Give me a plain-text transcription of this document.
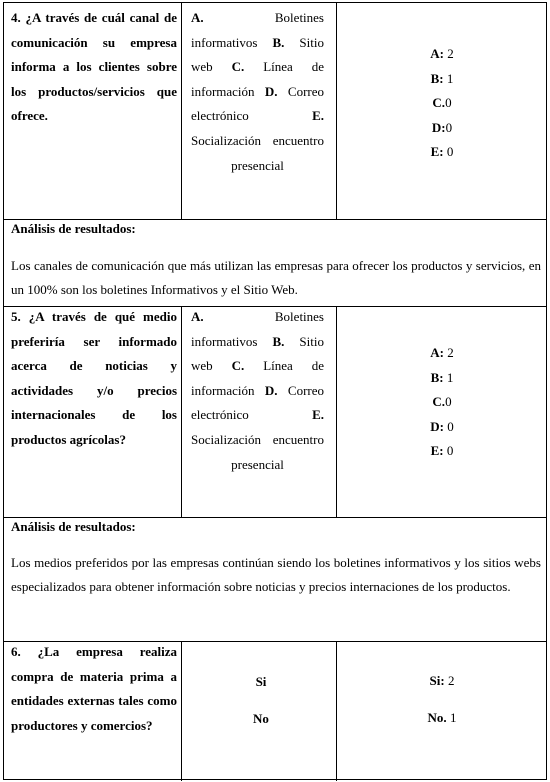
4. ¿A través de cuál canal de comunicación su empresa informa a los clientes sobre los productos/servicios que ofrece.
A. Boletines informativos B. Sitio web C. Línea de información D. Correo electrónico	E. Socialización encuentro presencial
A: 2
B: 1
C.0
D:0
E: 0
Análisis de resultados:
Los canales de comunicación que más utilizan las empresas para ofrecer los productos y servicios, en un 100% son los boletines Informativos y el Sitio Web.
5. ¿A través de qué medio preferiría ser informado acerca de noticias y actividades y/o precios internacionales de los productos agrícolas?
A. Boletines informativos B. Sitio web C. Línea de información D. Correo electrónico	E. Socialización encuentro presencial
A: 2
B: 1
C.0
D: 0
E: 0
Análisis de resultados:
Los medios preferidos por las empresas continúan siendo los boletines informativos y los sitios webs especializados para obtener información sobre noticias y precios internaciones de los productos.
6. ¿La empresa realiza compra de materia prima a entidades externas tales como productores y comercios?
Si
No
Si: 2
No. 1
